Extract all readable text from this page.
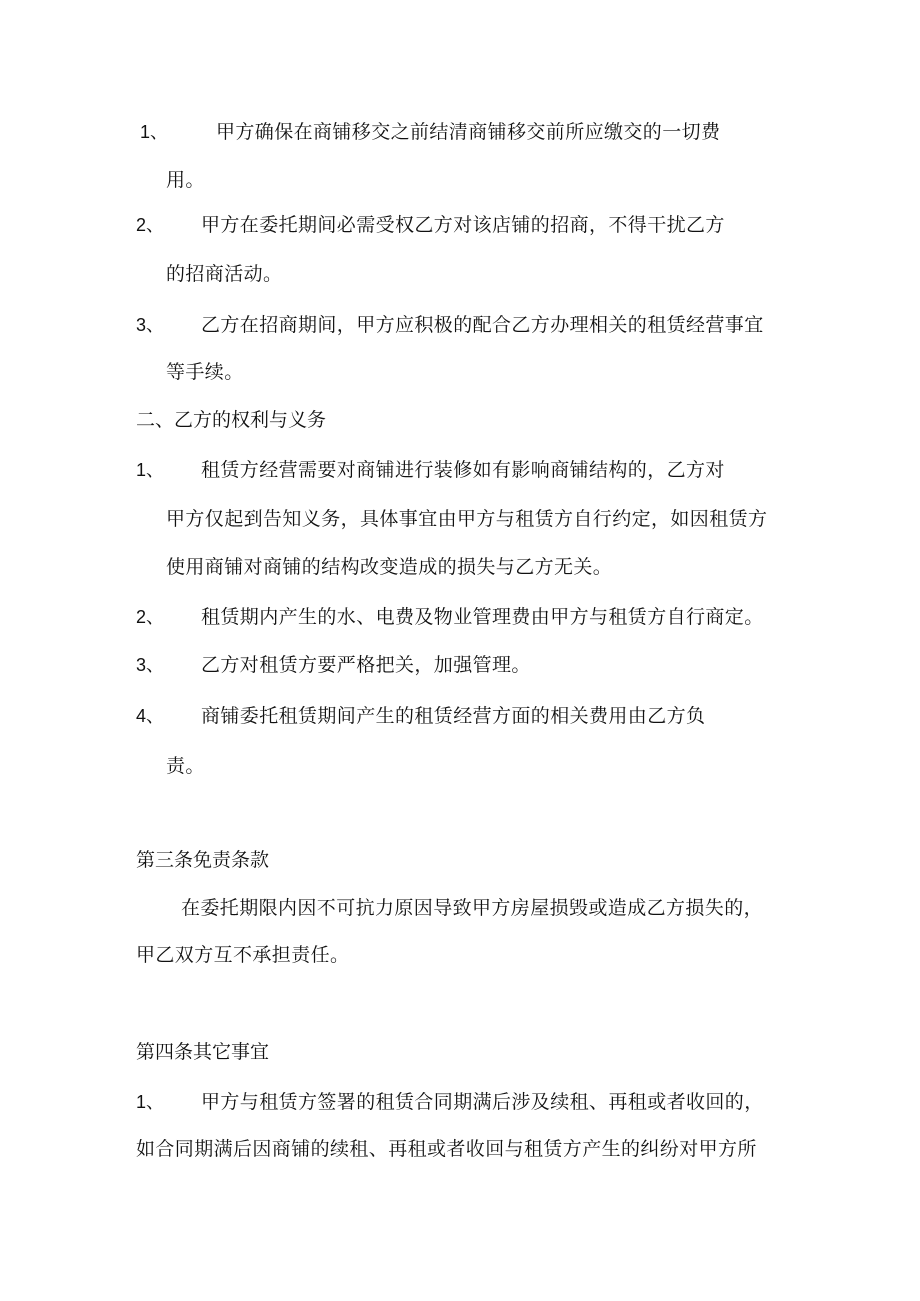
1、	甲方确保在商铺移交之前结清商铺移交前所应缴交的一切费
用。
2、 甲方在委托期间必需受权乙方对该店铺的招商，不得干扰乙方
的招商活动。
3、 乙方在招商期间，甲方应积极的配合乙方办理相关的租赁经营事宜
等手续。
二、乙方的权利与义务
1、 租赁方经营需要对商铺进行装修如有影响商铺结构的，乙方对
甲方仅起到告知义务，具体事宜由甲方与租赁方自行约定，如因租赁方
使用商铺对商铺的结构改变造成的损失与乙方无关。
2、 租赁期内产生的水、电费及物业管理费由甲方与租赁方自行商定。
3、 乙方对租赁方要严格把关，加强管理。
4、 商铺委托租赁期间产生的租赁经营方面的相关费用由乙方负
责。
第三条免责条款
在委托期限内因不可抗力原因导致甲方房屋损毁或造成乙方损失的，
甲乙双方互不承担责任。
第四条其它事宜
1、 甲方与租赁方签署的租赁合同期满后涉及续租、再租或者收回的，
如合同期满后因商铺的续租、再租或者收回与租赁方产生的纠纷对甲方所
